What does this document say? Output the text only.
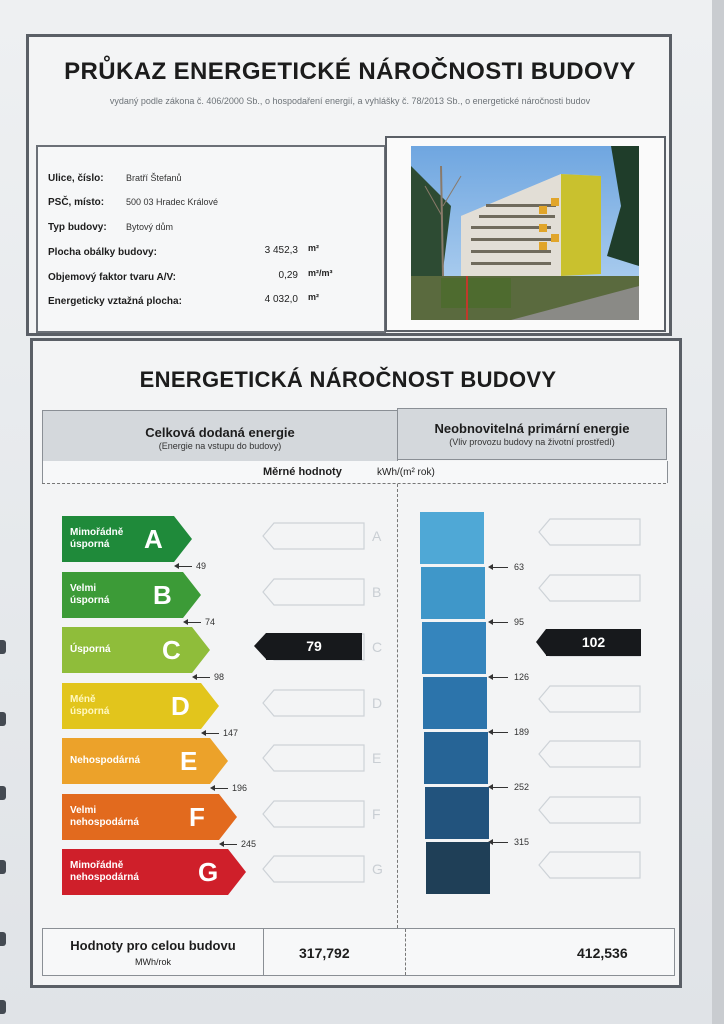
PRŮKAZ ENERGETICKÉ NÁROČNOSTI BUDOVY
vydaný podle zákona č. 406/2000 Sb., o hospodaření energií, a vyhlášky č. 78/2013 Sb., o energetické náročnosti budov
Ulice, číslo: Bratří Štefanů
PSČ, místo: 500 03 Hradec Králové
Typ budovy: Bytový dům
Plocha obálky budovy:	3 452,3 m²
Objemový faktor tvaru A/V:	0,29 m²/m³
Energeticky vztažná plocha:	4 032,0 m²
ENERGETICKÁ NÁROČNOST BUDOVY
Celková dodaná energie
(Energie na vstupu do budovy)
Neobnovitelná primární energie
(Vliv provozu budovy na životní prostředí)
Měrné hodnoty	kWh/(m² rok)
Mimořádně
úsporná	A
49
Velmi
úsporná B
74
Úsporná C
98
Méně
úsporná D
147
Nehospodárná E
196
Velmi
nehospodárná F
245
Mimořádně
nehospodárná G
A
B
C
D
E
F
G
63
95
126
189
252
315
79	102
Hodnoty pro celou budovu
MWh/rok
317,792	412,536
